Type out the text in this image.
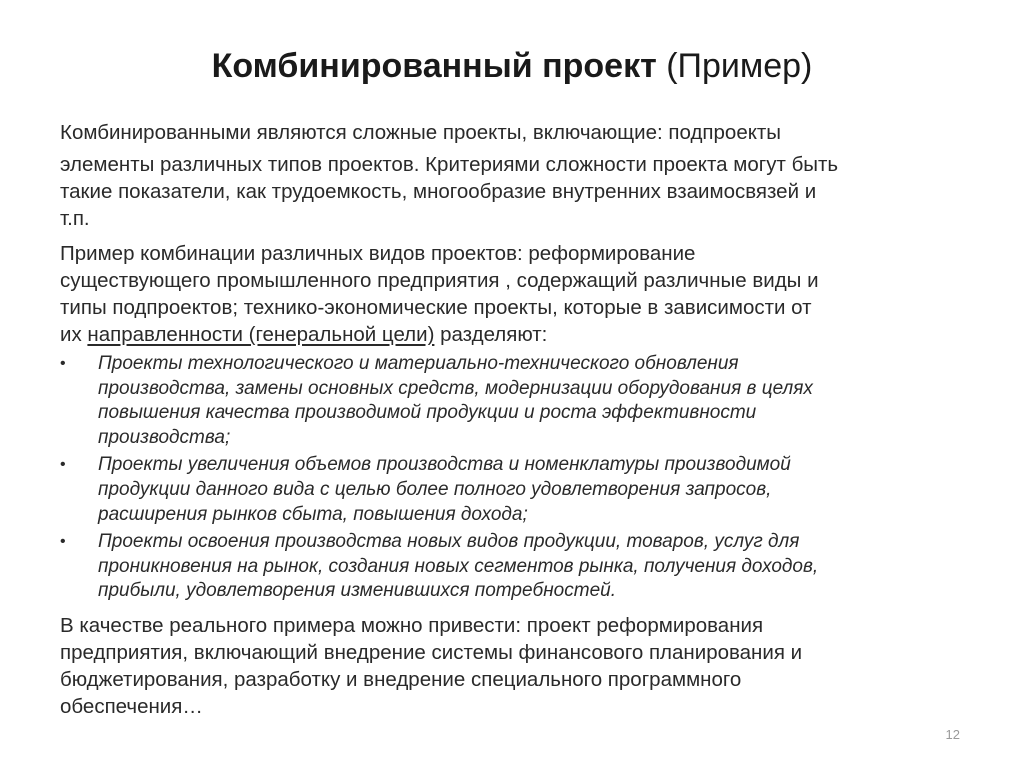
Комбинированный проект (Пример)

Комбинированными являются сложные проекты, включающие: подпроекты
элементы различных типов проектов. Критериями сложности проекта могут быть
такие показатели, как трудоемкость, многообразие внутренних взаимосвязей и
т.п.

Пример комбинации различных видов проектов: реформирование
существующего промышленного предприятия , содержащий различные виды и
типы подпроектов; технико-экономические проекты, которые в зависимости от
их направленности (генеральной цели) разделяют:

• Проекты технологического и материально-технического обновления
производства, замены основных средств, модернизации оборудования в целях
повышения качества производимой продукции и роста эффективности
производства;
• Проекты увеличения объемов производства и номенклатуры производимой
продукции данного вида с целью более полного удовлетворения запросов,
расширения рынков сбыта, повышения дохода;
• Проекты освоения производства новых видов продукции, товаров, услуг для
проникновения на рынок, создания новых сегментов рынка, получения доходов,
прибыли, удовлетворения изменившихся потребностей.

В качестве реального примера можно привести: проект реформирования
предприятия, включающий внедрение системы финансового планирования и
бюджетирования, разработку и внедрение специального программного
обеспечения…

12
